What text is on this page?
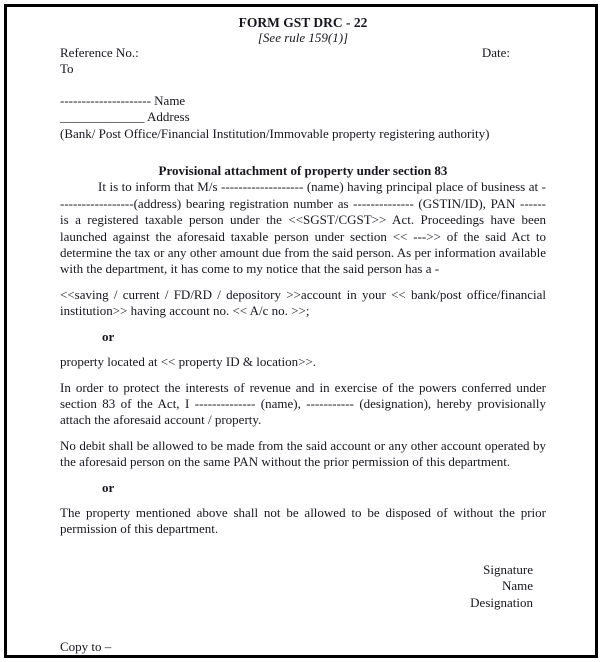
FORM GST DRC - 22
[See rule 159(1)]
Reference No.:	Date:
To
--------------------- Name
_____________ Address
(Bank/ Post Office/Financial Institution/Immovable property registering authority)
Provisional attachment of property under section 83

It is to inform that M/s ------------------- (name) having principal place of business at ------------------(address) bearing registration number as -------------- (GSTIN/ID), PAN ------ is a registered taxable person under the <<SGST/CGST>> Act. Proceedings have been launched against the aforesaid taxable person under section << --->> of the said Act to determine the tax or any other amount due from the said person. As per information available with the department, it has come to my notice that the said person has a -

<<saving / current / FD/RD / depository >>account in your << bank/post office/financial institution>> having account no. << A/c no. >>;

or

property located at << property ID & location>>.

In order to protect the interests of revenue and in exercise of the powers conferred under section 83 of the Act, I -------------- (name), ----------- (designation), hereby provisionally attach the aforesaid account / property.

No debit shall be allowed to be made from the said account or any other account operated by the aforesaid person on the same PAN without the prior permission of this department.

or

The property mentioned above shall not be allowed to be disposed of without the prior permission of this department.

Signature
Name
Designation
Copy to –
